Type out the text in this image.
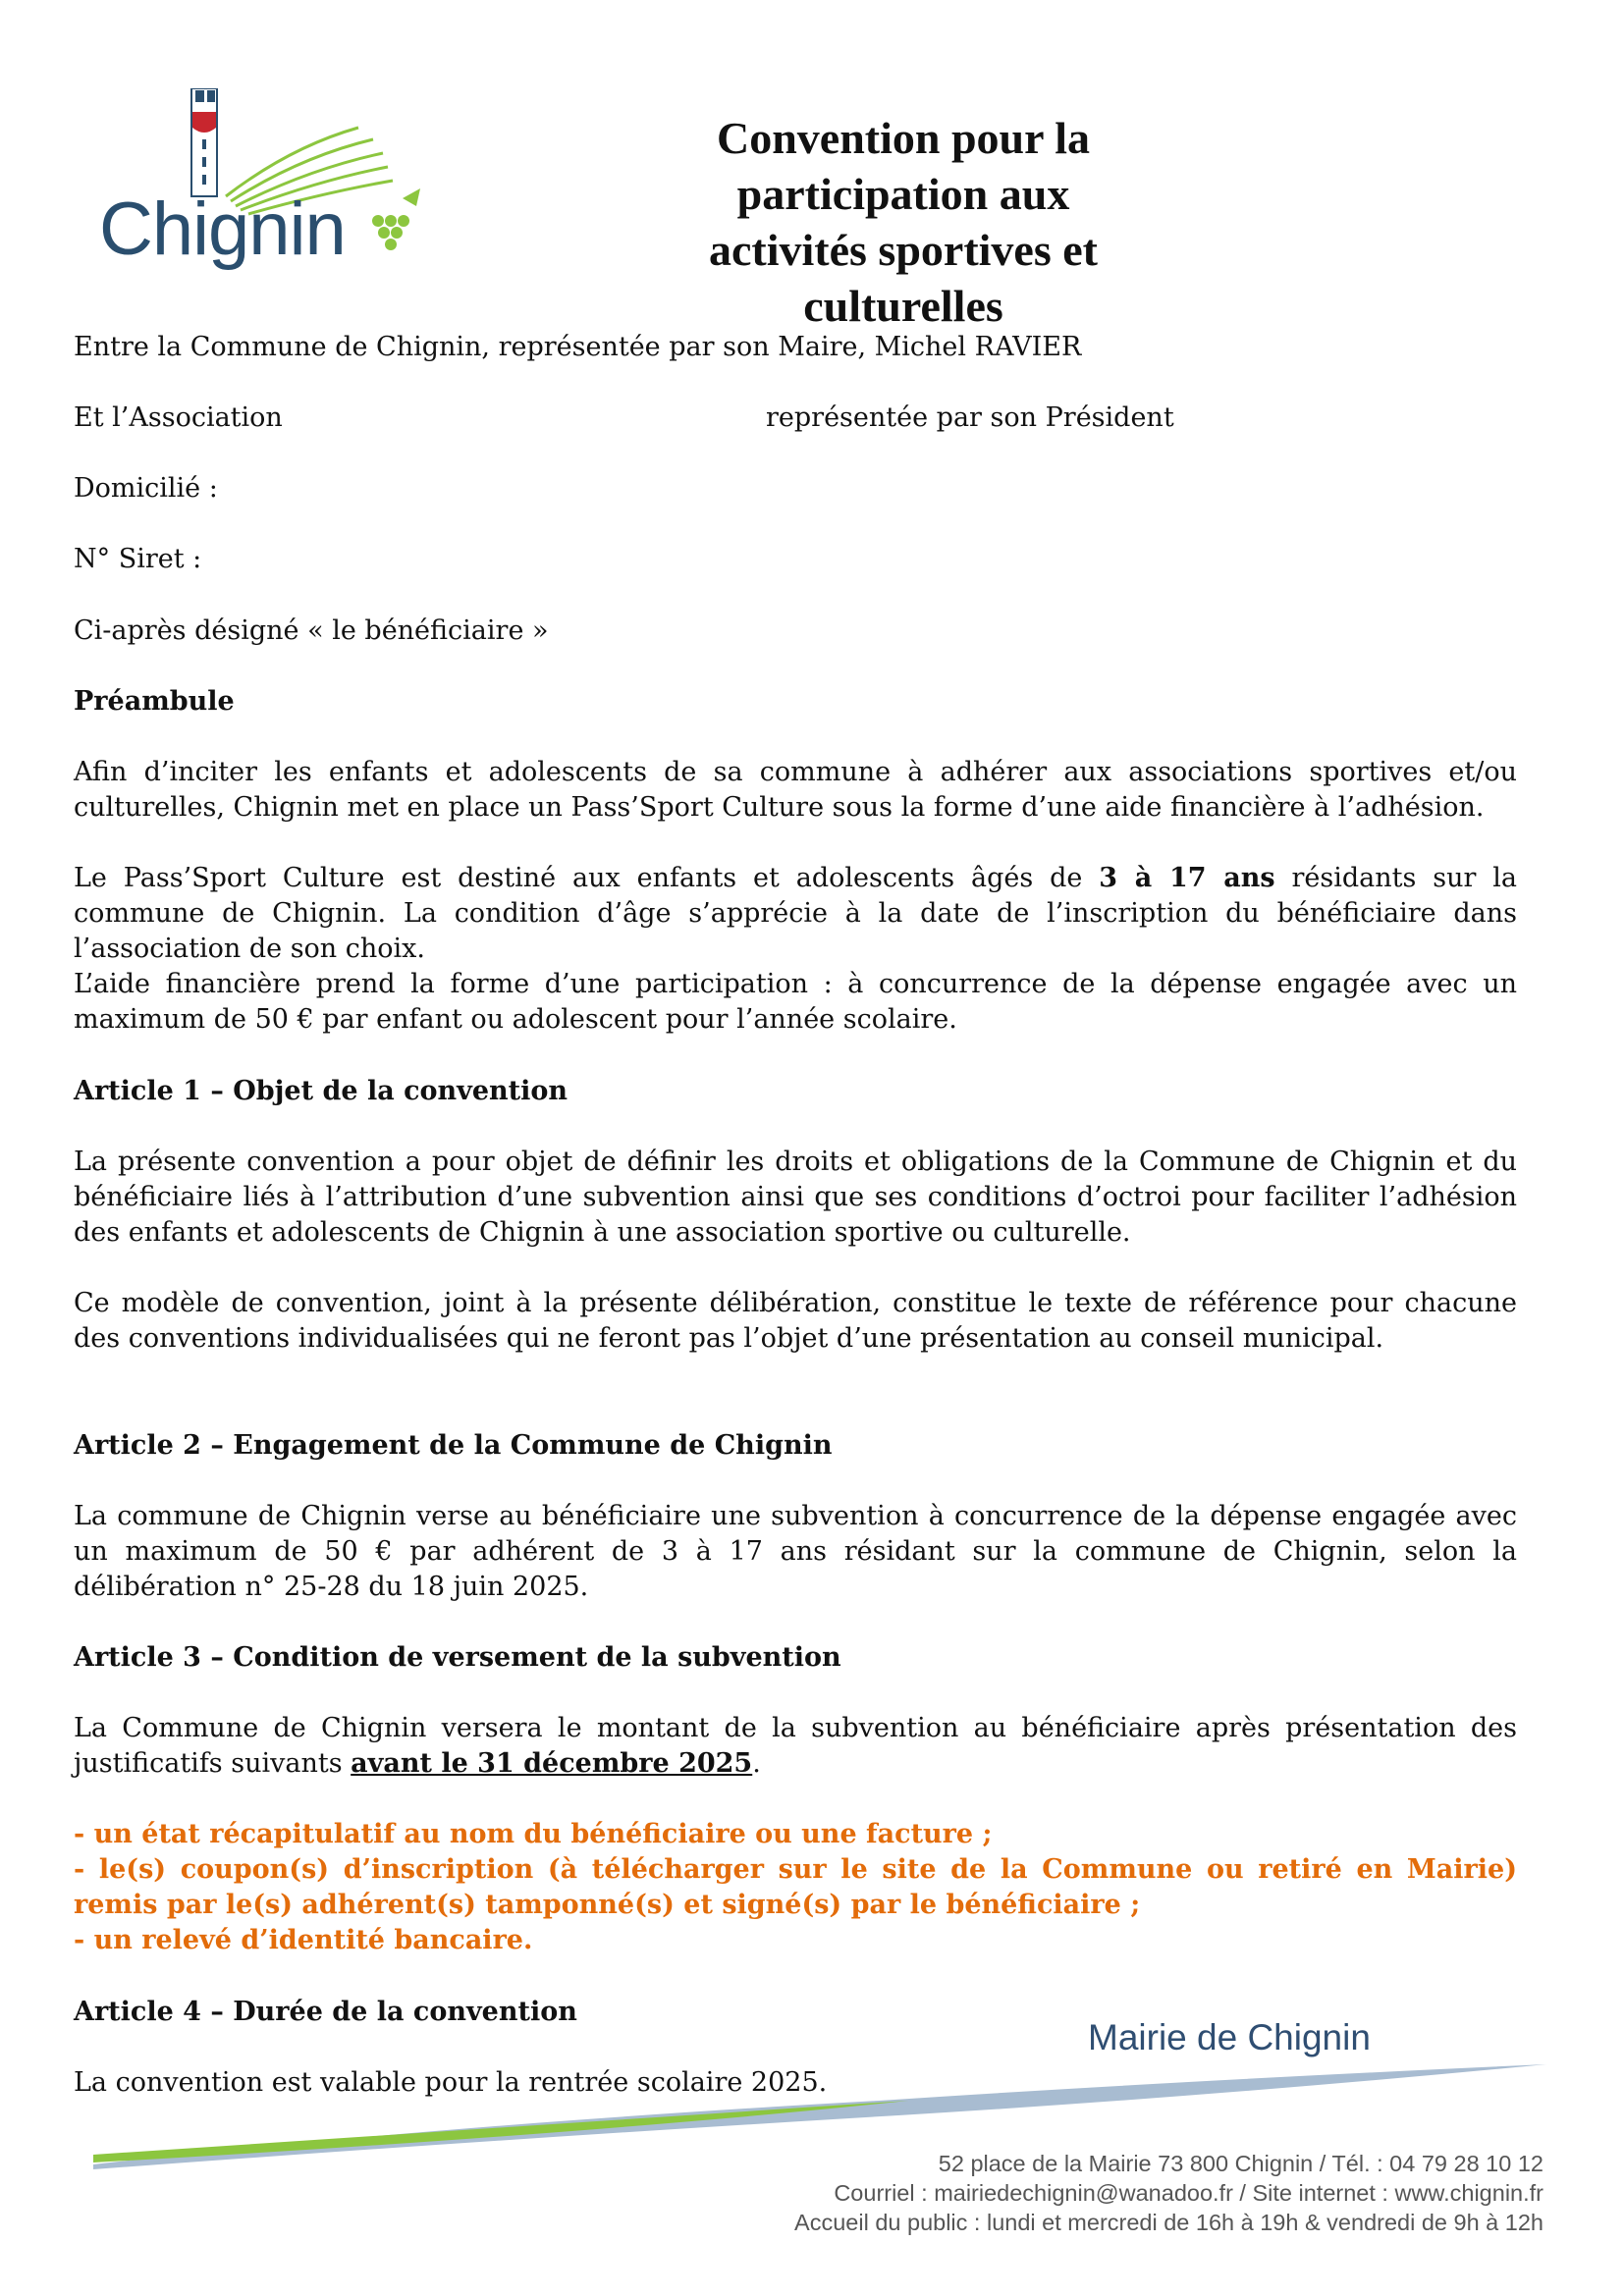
Chignin
Convention pour la participation aux
activités sportives et culturelles
Entre la Commune de Chignin, représentée par son Maire, Michel RAVIER
Et l’Association	représentée par son Président
Domicilié :
N° Siret :
Ci-après désigné « le bénéficiaire »
Préambule
Afin d’inciter les enfants et adolescents de sa commune à adhérer aux associations sportives et/ou culturelles, Chignin met en place un Pass’Sport Culture sous la forme d’une aide financière à l’adhésion.
Le Pass’Sport Culture est destiné aux enfants et adolescents âgés de 3 à 17 ans résidants sur la commune de Chignin. La condition d’âge s’apprécie à la date de l’inscription du bénéficiaire dans l’association de son choix.
L’aide financière prend la forme d’une participation : à concurrence de la dépense engagée avec un maximum de 50 € par enfant ou adolescent pour l’année scolaire.
Article 1 – Objet de la convention
La présente convention a pour objet de définir les droits et obligations de la Commune de Chignin et du bénéficiaire liés à l’attribution d’une subvention ainsi que ses conditions d’octroi pour faciliter l’adhésion des enfants et adolescents de Chignin à une association sportive ou culturelle.
Ce modèle de convention, joint à la présente délibération, constitue le texte de référence pour chacune des conventions individualisées qui ne feront pas l’objet d’une présentation au conseil municipal.
Article 2 – Engagement de la Commune de Chignin
La commune de Chignin verse au bénéficiaire une subvention à concurrence de la dépense engagée avec un maximum de 50 € par adhérent de 3 à 17 ans résidant sur la commune de Chignin, selon la délibération n° 25-28 du 18 juin 2025.
Article 3 – Condition de versement de la subvention
La Commune de Chignin versera le montant de la subvention au bénéficiaire après présentation des justificatifs suivants avant le 31 décembre 2025.
- un état récapitulatif au nom du bénéficiaire ou une facture ;
- le(s) coupon(s) d’inscription (à télécharger sur le site de la Commune ou retiré en Mairie) remis par le(s) adhérent(s) tamponné(s) et signé(s) par le bénéficiaire ;
- un relevé d’identité bancaire.
Article 4 – Durée de la convention
La convention est valable pour la rentrée scolaire 2025.
Mairie de Chignin
52 place de la Mairie 73 800 Chignin / Tél. : 04 79 28 10 12
Courriel : mairiedechignin@wanadoo.fr / Site internet : www.chignin.fr
Accueil du public : lundi et mercredi de 16h à 19h & vendredi de 9h à 12h
